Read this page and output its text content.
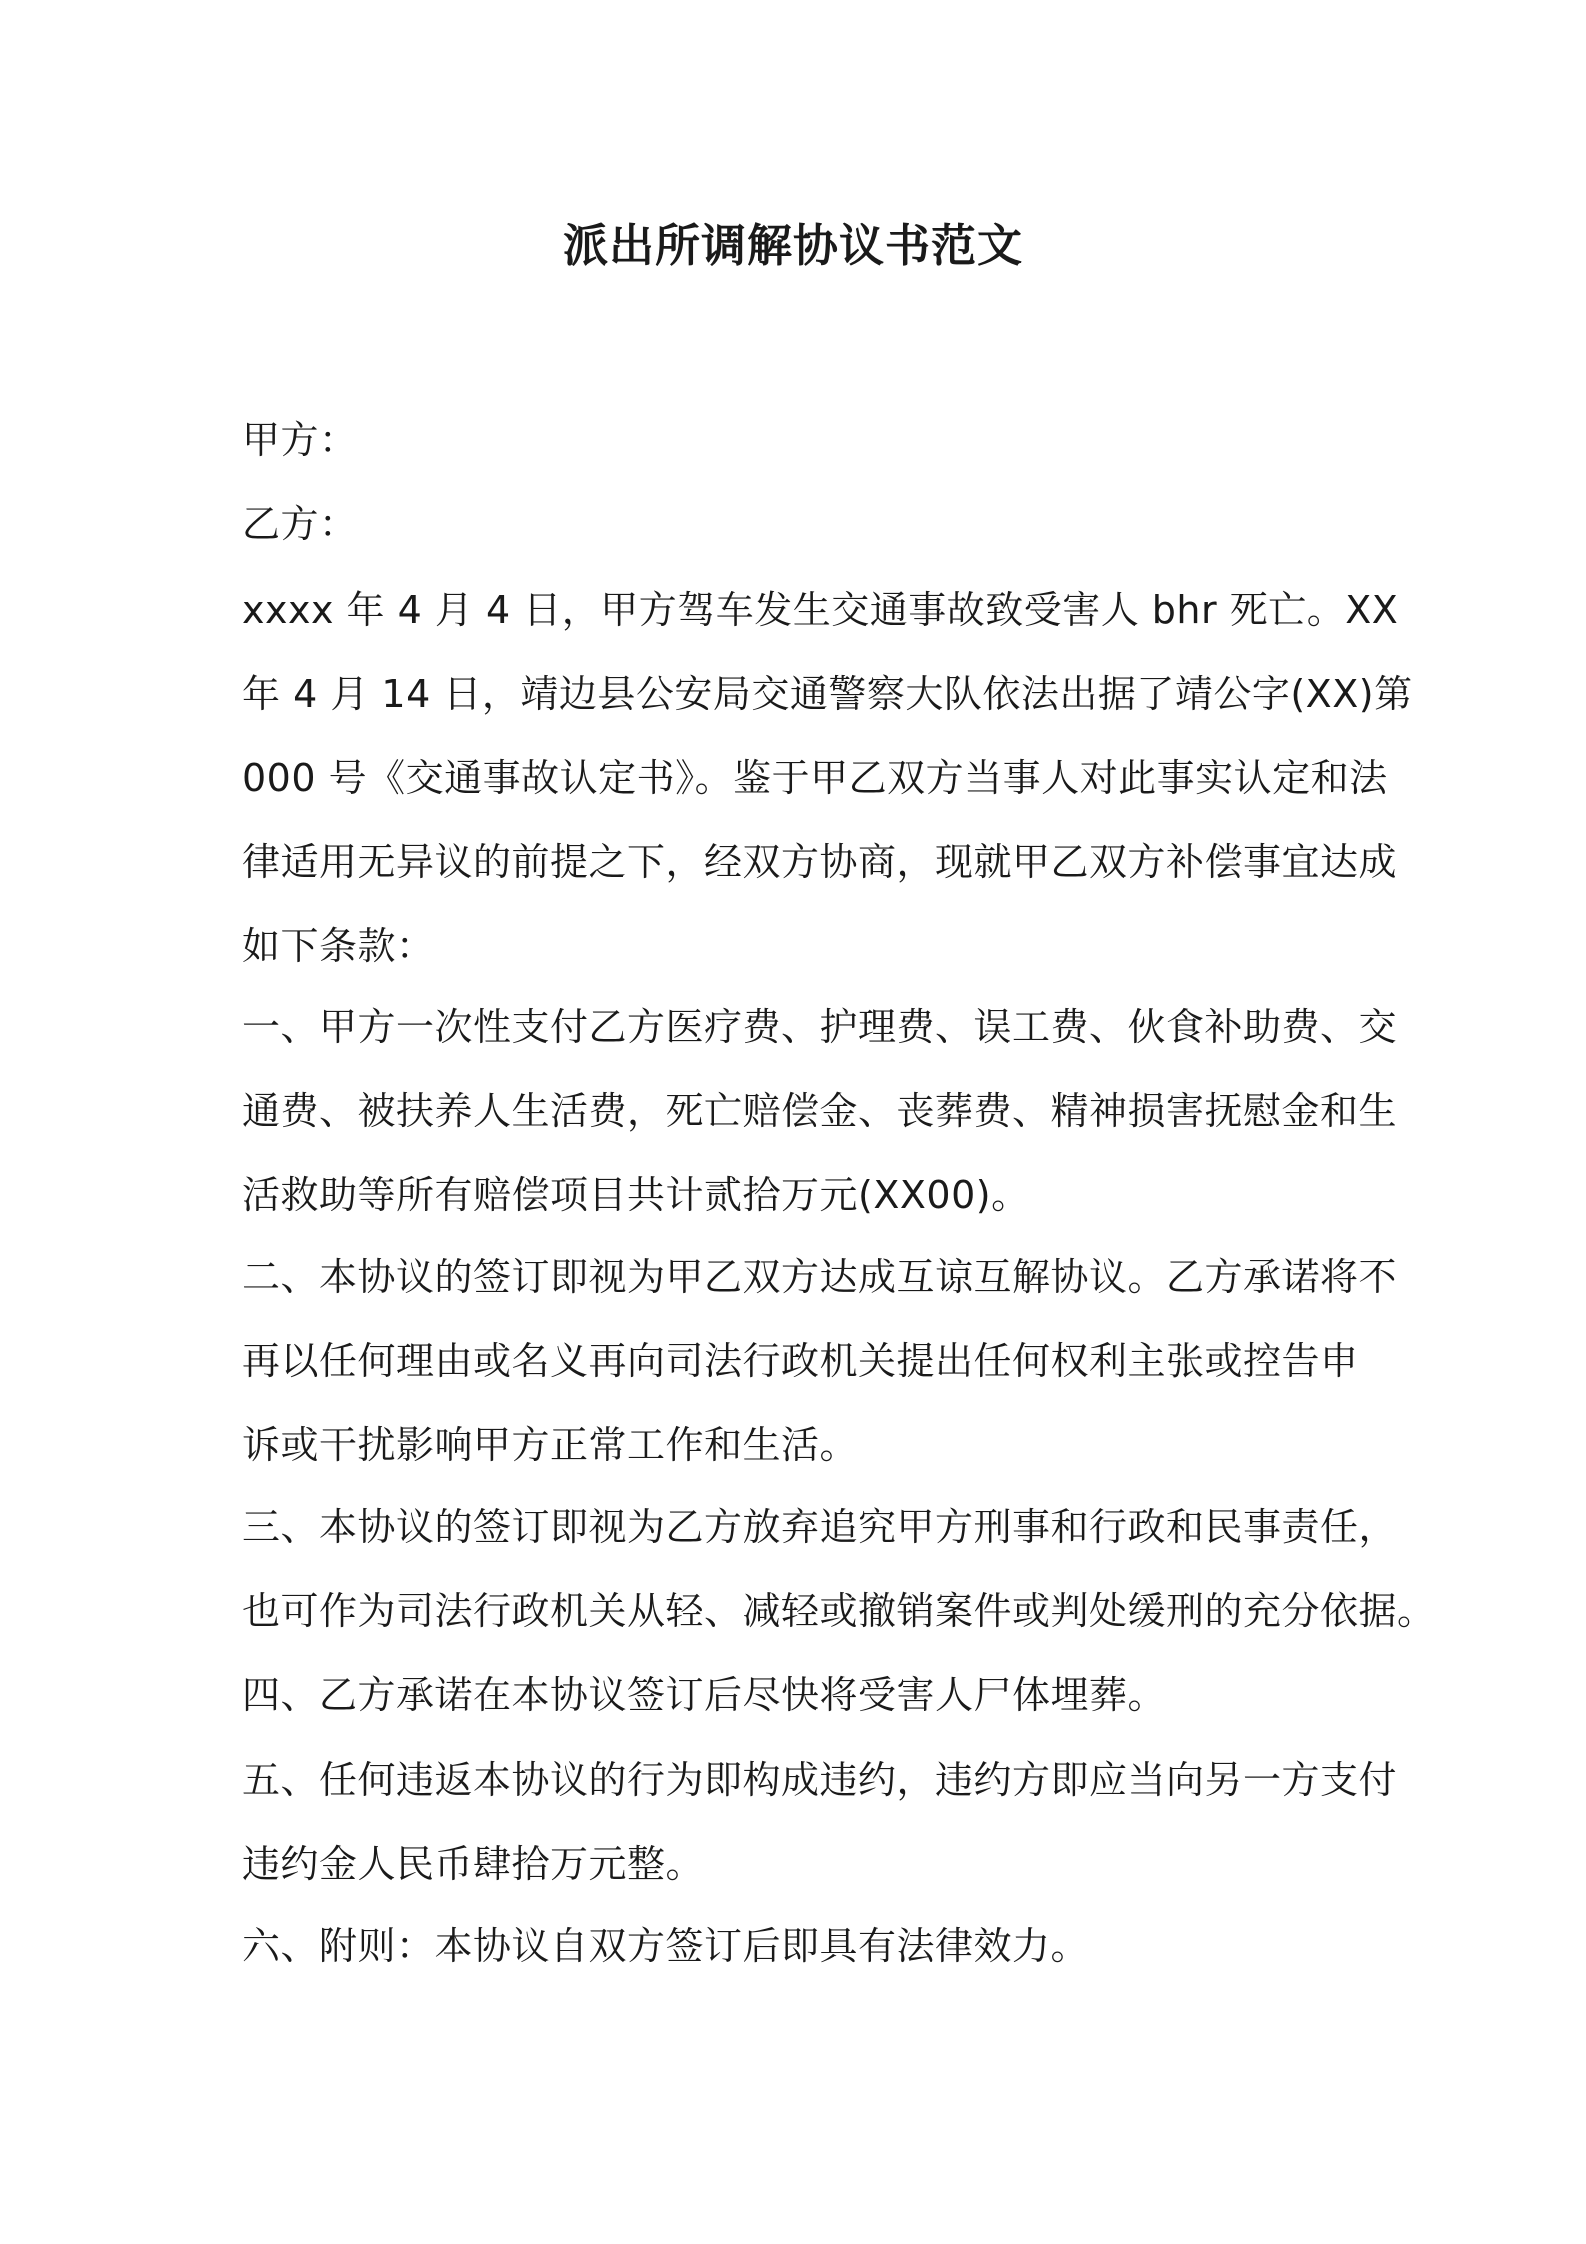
派出所调解协议书范文
甲方：
乙方：
xxxx 年 4 月 4 日，甲方驾车发生交通事故致受害人 bhr 死亡。XX
年 4 月 14 日，靖边县公安局交通警察大队依法出据了靖公字(XX)第
000 号《交通事故认定书》。鉴于甲乙双方当事人对此事实认定和法
律适用无异议的前提之下，经双方协商，现就甲乙双方补偿事宜达成
如下条款：
一、甲方一次性支付乙方医疗费、护理费、误工费、伙食补助费、交
通费、被扶养人生活费，死亡赔偿金、丧葬费、精神损害抚慰金和生
活救助等所有赔偿项目共计贰拾万元(XX00)。
二、本协议的签订即视为甲乙双方达成互谅互解协议。乙方承诺将不
再以任何理由或名义再向司法行政机关提出任何权利主张或控告申
诉或干扰影响甲方正常工作和生活。
三、本协议的签订即视为乙方放弃追究甲方刑事和行政和民事责任，
也可作为司法行政机关从轻、减轻或撤销案件或判处缓刑的充分依据。
四、乙方承诺在本协议签订后尽快将受害人尸体埋葬。
五、任何违返本协议的行为即构成违约，违约方即应当向另一方支付
违约金人民币肆拾万元整。
六、附则：本协议自双方签订后即具有法律效力。
